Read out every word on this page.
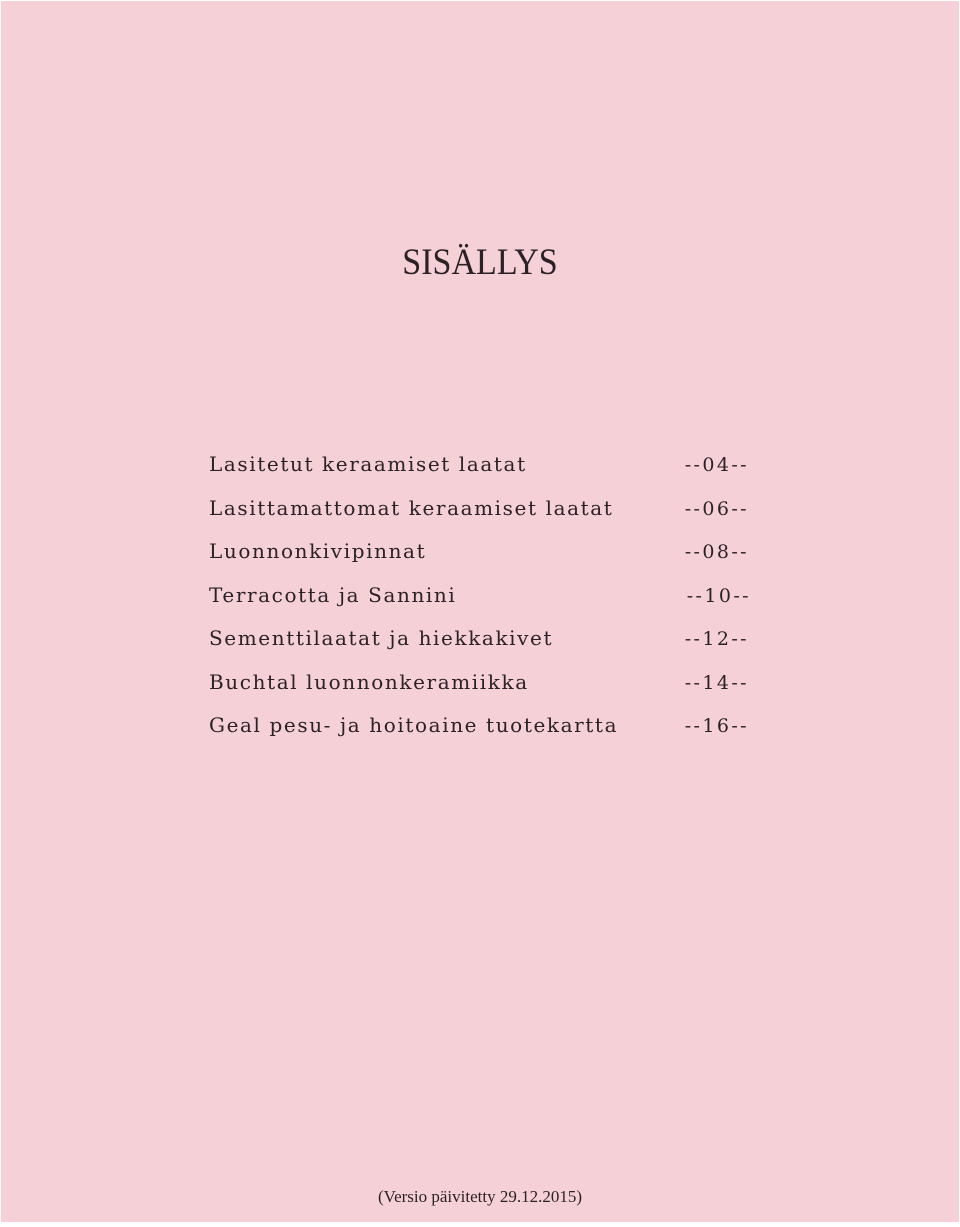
SISÄLLYS
Lasitetut keraamiset laatat	--04--
Lasittamattomat keraamiset laatat	--06--
Luonnonkivipinnat	--08--
Terracotta ja Sannini	--10--
Sementtilaatat ja hiekkakivet	--12--
Buchtal luonnonkeramiikka	--14--
Geal pesu- ja hoitoaine tuotekartta	--16--
(Versio päivitetty 29.12.2015)
